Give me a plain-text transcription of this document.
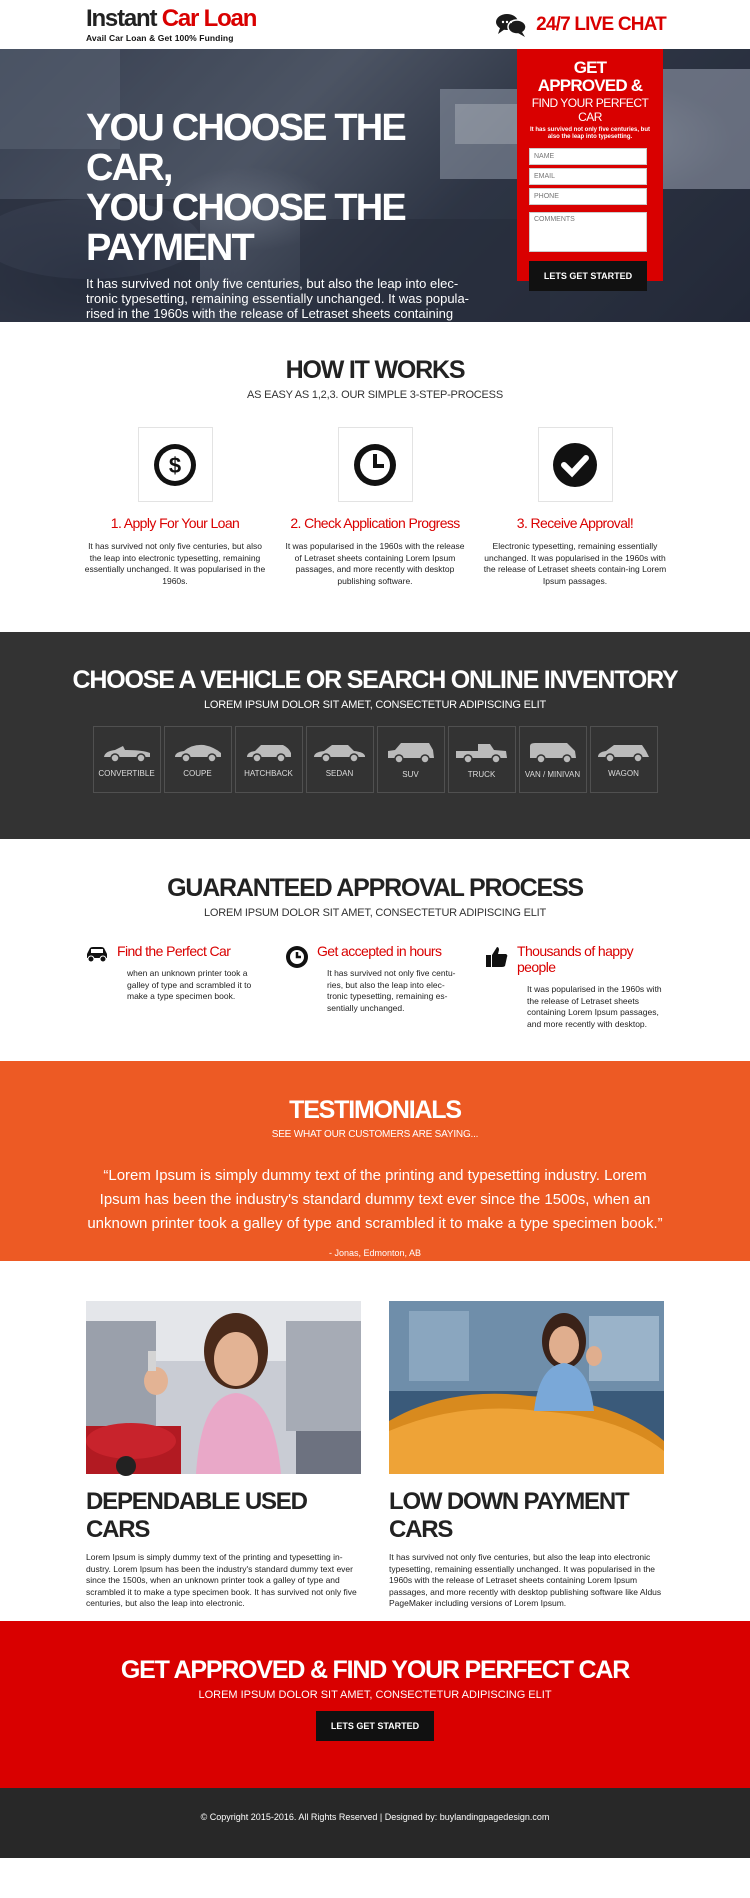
Instant Car Loan
Avail Car Loan & Get 100% Funding
24/7 LIVE CHAT
YOU CHOOSE THE CAR,
YOU CHOOSE THE PAYMENT

It has survived not only five centuries, but also the leap into elec-tronic typesetting, remaining essentially unchanged. It was popula-rised in the 1960s with the release of Letraset sheets containing Lorem Ipsum passages.

GET APPROVED &
FIND YOUR PERFECT CAR
It has survived not only five centuries, but also the leap into typesetting.
NAME
EMAIL
PHONE
COMMENTS LETS GET STARTED
HOW IT WORKS
AS EASY AS 1,2,3. OUR SIMPLE 3-STEP-PROCESS
$
1. Apply For Your Loan

It has survived not only five centuries, but also the leap into electronic typesetting, remaining essentially unchanged. It was popularised in the 1960s.

2. Check Application Progress

It was popularised in the 1960s with the release of Letraset sheets containing Lorem Ipsum passages, and more recently with desktop publishing software.

3. Receive Approval!

Electronic typesetting, remaining essentially unchanged. It was popularised in the 1960s with the release of Letraset sheets contain-ing Lorem Ipsum passages.

CHOOSE A VEHICLE OR SEARCH ONLINE INVENTORY
LOREM IPSUM DOLOR SIT AMET, CONSECTETUR ADIPISCING ELIT
CONVERTIBLE	COUPE	HATCHBACK	SEDAN	SUV	TRUCK	VAN / MINIVAN	WAGON
GUARANTEED APPROVAL PROCESS
LOREM IPSUM DOLOR SIT AMET, CONSECTETUR ADIPISCING ELIT
Find the Perfect Car

when an unknown printer took a galley of type and scrambled it to make a type specimen book.

Get accepted in hours

It has survived not only five centu-ries, but also the leap into elec-tronic typesetting, remaining es-sentially unchanged.

Thousands of happy people

It was popularised in the 1960s with the release of Letraset sheets containing Lorem Ipsum passages, and more recently with desktop.

TESTIMONIALS
SEE WHAT OUR CUSTOMERS ARE SAYING...

“Lorem Ipsum is simply dummy text of the printing and typesetting industry. Lorem Ipsum has been the industry's standard dummy text ever since the 1500s, when an unknown printer took a galley of type and scrambled it to make a type specimen book.”

- Jonas, Edmonton, AB
DEPENDABLE USED CARS

Lorem Ipsum is simply dummy text of the printing and typesetting in-dustry. Lorem Ipsum has been the industry's standard dummy text ever since the 1500s, when an unknown printer took a galley of type and scrambled it to make a type specimen book. It has survived not only five centuries, but also the leap into electronic.

LOW DOWN PAYMENT CARS

It has survived not only five centuries, but also the leap into electronic typesetting, remaining essentially unchanged. It was popularised in the 1960s with the release of Letraset sheets containing Lorem Ipsum passages, and more recently with desktop publishing software like Aldus PageMaker including versions of Lorem Ipsum.

GET APPROVED & FIND YOUR PERFECT CAR
LOREM IPSUM DOLOR SIT AMET, CONSECTETUR ADIPISCING ELIT
LETS GET STARTED
© Copyright 2015-2016. All Rights Reserved | Designed by: buylandingpagedesign.com
